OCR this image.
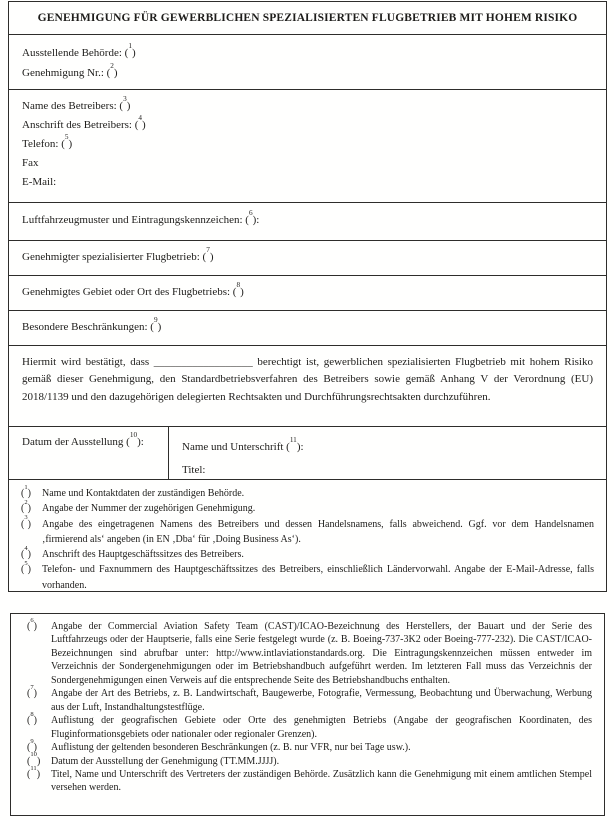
GENEHMIGUNG FÜR GEWERBLICHEN SPEZIALISIERTEN FLUGBETRIEB MIT HOHEM RISIKO
Ausstellende Behörde: ($^1$)
Genehmigung Nr.: ($^2$)
Name des Betreibers: ($^3$)
Anschrift des Betreibers: ($^4$)
Telefon: ($^5$)
Fax
E-Mail:
Luftfahrzeugmuster und Eintragungskennzeichen: ($^6$):
Genehmigter spezialisierter Flugbetrieb: ($^7$)
Genehmigtes Gebiet oder Ort des Flugbetriebs: ($^8$)
Besondere Beschränkungen: ($^9$)
Hiermit wird bestätigt, dass __________________ berechtigt ist, gewerblichen spezialisierten Flugbetrieb mit hohem Risiko gemäß dieser Genehmigung, den Standardbetriebsverfahren des Betreibers sowie gemäß Anhang V der Verordnung (EU) 2018/1139 und den dazugehörigen delegierten Rechtsakten und Durchführungsrechtsakten durchzuführen.
Datum der Ausstellung ($^{10}$):	Name und Unterschrift ($^{11}$):
Titel:
($^1$)	Name und Kontaktdaten der zuständigen Behörde.
($^2$)	Angabe der Nummer der zugehörigen Genehmigung.
($^3$)	Angabe des eingetragenen Namens des Betreibers und dessen Handelsnamens, falls abweichend. Ggf. vor dem Handelsnamen ‚firmierend als‘ angeben (in EN ‚Dba‘ für ‚Doing Business As‘).
($^4$)	Anschrift des Hauptgeschäftssitzes des Betreibers.
($^5$)	Telefon- und Faxnummern des Hauptgeschäftssitzes des Betreibers, einschließlich Ländervorwahl. Angabe der E-Mail-Adresse, falls vorhanden.
($^6$)	Angabe der Commercial Aviation Safety Team (CAST)/ICAO-Bezeichnung des Herstellers, der Bauart und der Serie des Luftfahrzeugs oder der Hauptserie, falls eine Serie festgelegt wurde (z. B. Boeing-737-3K2 oder Boeing-777-232). Die CAST/ICAO-Bezeichnungen sind abrufbar unter: http://www.intlaviationstandards.org. Die Eintragungskennzeichen müssen entweder im Verzeichnis der Sondergenehmigungen oder im Betriebshandbuch aufgeführt werden. Im letzteren Fall muss das Verzeichnis der Sondergenehmigungen einen Verweis auf die entsprechende Seite des Betriebshandbuchs enthalten.
($^7$)	Angabe der Art des Betriebs, z. B. Landwirtschaft, Baugewerbe, Fotografie, Vermessung, Beobachtung und Überwachung, Werbung aus der Luft, Instandhaltungstestflüge.
($^8$)	Auflistung der geografischen Gebiete oder Orte des genehmigten Betriebs (Angabe der geografischen Koordinaten, des Fluginformationsgebiets oder nationaler oder regionaler Grenzen).
($^9$)	Auflistung der geltenden besonderen Beschränkungen (z. B. nur VFR, nur bei Tage usw.).
($^{10}$)	Datum der Ausstellung der Genehmigung (TT.MM.JJJJ).
($^{11}$)	Titel, Name und Unterschrift des Vertreters der zuständigen Behörde. Zusätzlich kann die Genehmigung mit einem amtlichen Stempel versehen werden.
